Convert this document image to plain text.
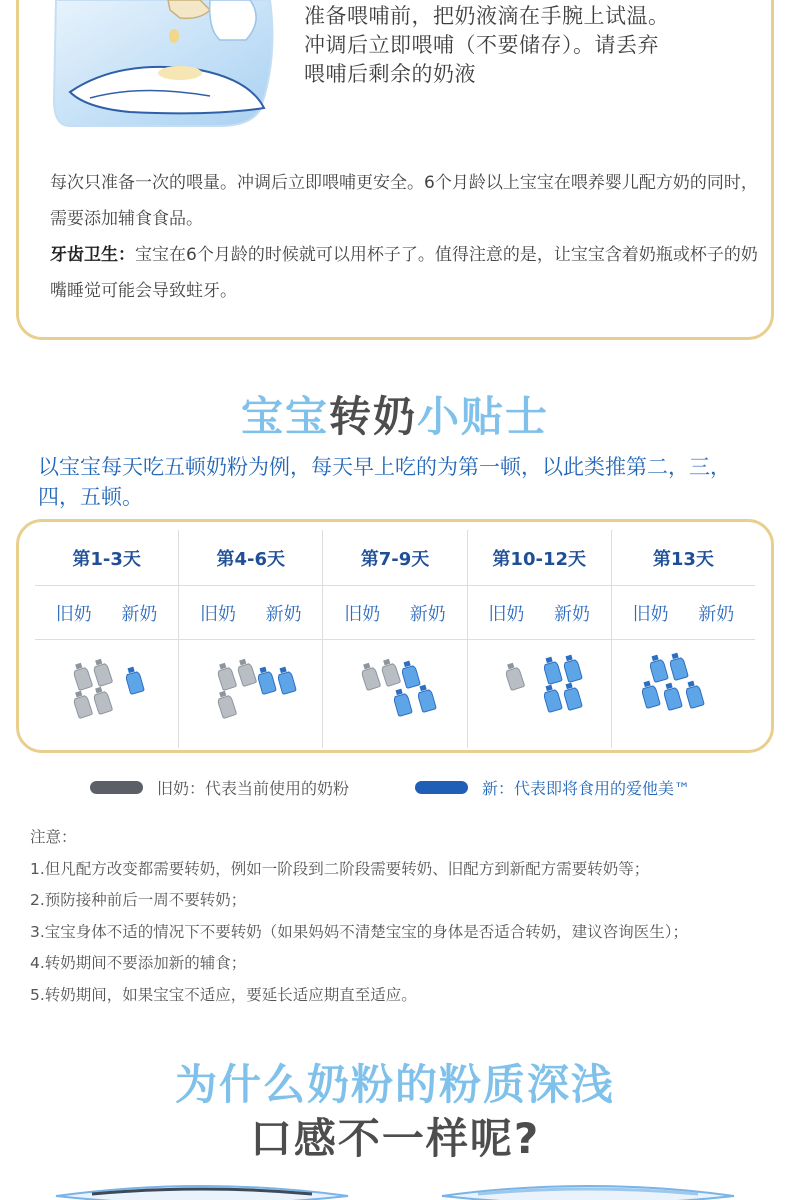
准备喂哺前，把奶液滴在手腕上试温。
冲调后立即喂哺（不要储存）。请丢弃
喂哺后剩余的奶液
每次只准备一次的喂量。冲调后立即喂哺更安全。6个月龄以上宝宝在喂养婴儿配方奶的同时，需要添加辅食食品。
牙齿卫生：宝宝在6个月龄的时候就可以用杯子了。值得注意的是，让宝宝含着奶瓶或杯子的奶嘴睡觉可能会导致蛀牙。
宝宝转奶小贴士
以宝宝每天吃五顿奶粉为例，每天早上吃的为第一顿，以此类推第二，三，四，五顿。
第1-3天
旧奶 新奶
第4-6天
旧奶 新奶
第7-9天
旧奶 新奶
第10-12天
旧奶 新奶
第13天
旧奶 新奶
旧奶：代表当前使用的奶粉	新：代表即将食用的爱他美™
注意：
1.但凡配方改变都需要转奶，例如一阶段到二阶段需要转奶、旧配方到新配方需要转奶等；
2.预防接种前后一周不要转奶；
3.宝宝身体不适的情况下不要转奶（如果妈妈不清楚宝宝的身体是否适合转奶，建议咨询医生）；
4.转奶期间不要添加新的辅食；
5.转奶期间，如果宝宝不适应，要延长适应期直至适应。
为什么奶粉的粉质深浅
口感不一样呢?
